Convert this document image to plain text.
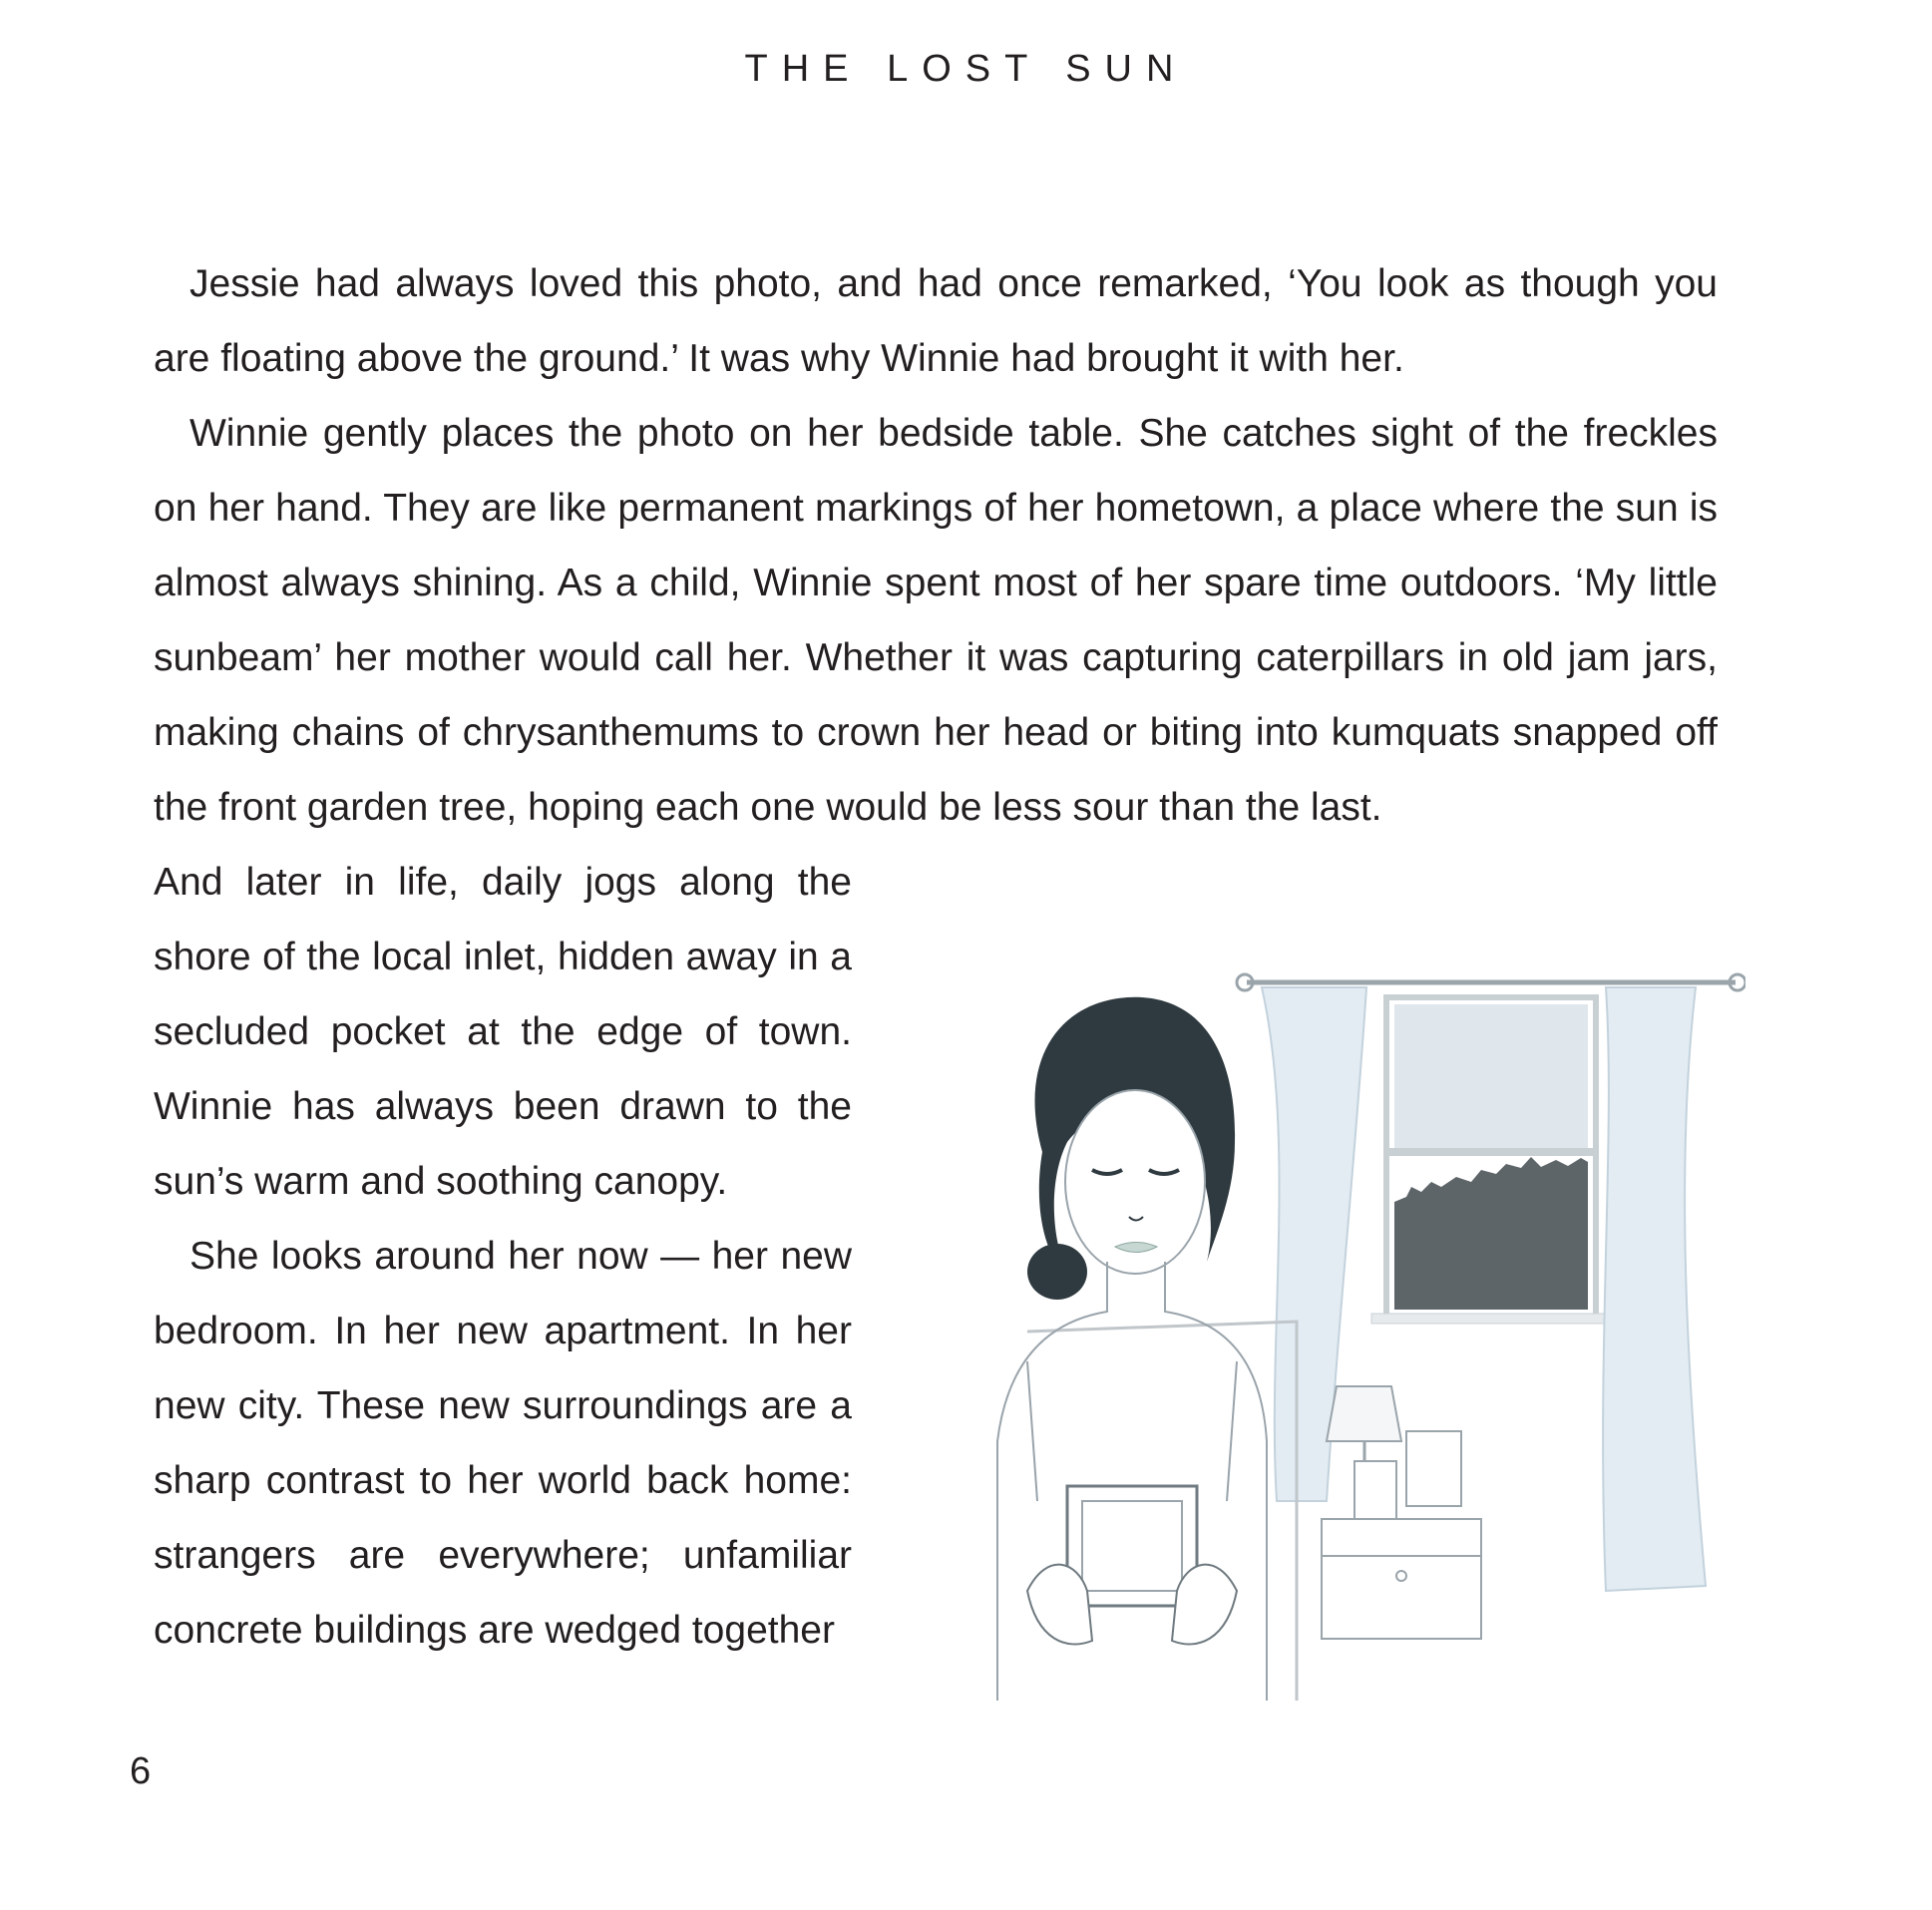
THE LOST SUN

Jessie had always loved this photo, and had once remarked, ‘You look as though you are floating above the ground.’ It was why Winnie had brought it with her.

Winnie gently places the photo on her bedside table. She catches sight of the freckles on her hand. They are like permanent markings of her hometown, a place where the sun is almost always shining. As a child, Winnie spent most of her spare time outdoors. ‘My little sunbeam’ her mother would call her. Whether it was capturing caterpillars in old jam jars, making chains of chrysanthemums to crown her head or biting into kumquats snapped off the front garden tree, hoping each one would be less sour than the last.

And later in life, daily jogs along the shore of the local inlet, hidden away in a secluded pocket at the edge of town. Winnie has always been drawn to the sun’s warm and soothing canopy.

She looks around her now — her new bedroom. In her new apartment. In her new city. These new surroundings are a sharp contrast to her world back home: strangers are everywhere; unfamiliar concrete buildings are wedged together

6
